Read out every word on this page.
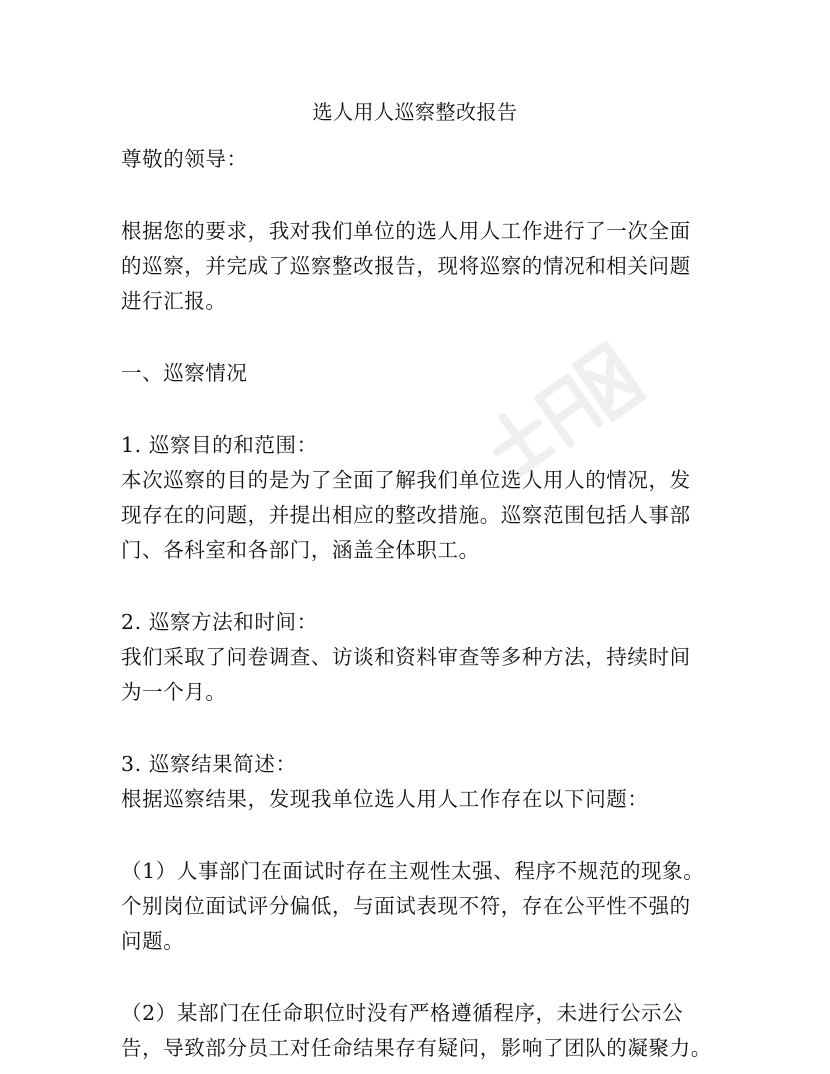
选人用人巡察整改报告

尊敬的领导：

根据您的要求，我对我们单位的选人用人工作进行了一次全面

的巡察，并完成了巡察整改报告，现将巡察的情况和相关问题

进行汇报。

一、巡察情况

1. 巡察目的和范围：

本次巡察的目的是为了全面了解我们单位选人用人的情况，发

现存在的问题，并提出相应的整改措施。巡察范围包括人事部

门、各科室和各部门，涵盖全体职工。

2. 巡察方法和时间：

我们采取了问卷调查、访谈和资料审查等多种方法，持续时间

为一个月。

3. 巡察结果简述：

根据巡察结果，发现我单位选人用人工作存在以下问题：

（1）人事部门在面试时存在主观性太强、程序不规范的现象。

个别岗位面试评分偏低，与面试表现不符，存在公平性不强的

问题。

（2）某部门在任命职位时没有严格遵循程序，未进行公示公

告，导致部分员工对任命结果存有疑问，影响了团队的凝聚力。
